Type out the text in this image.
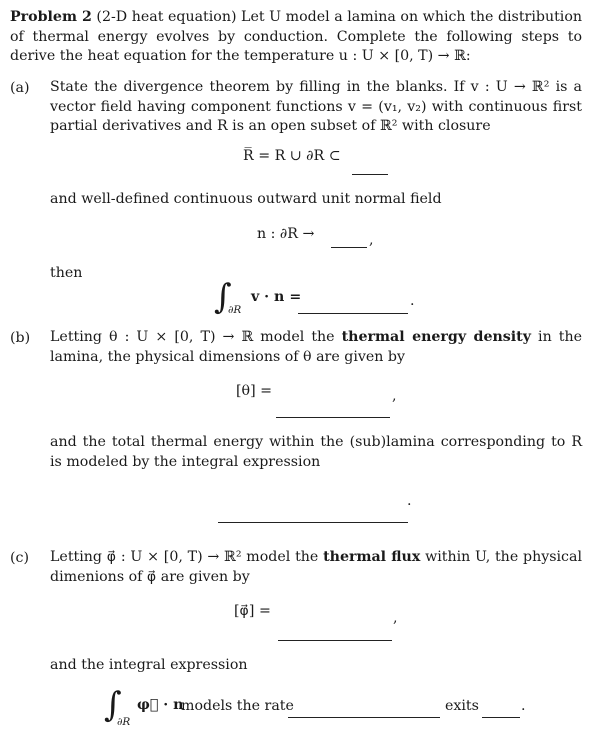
Problem 2 (2-D heat equation) Let U model a lamina on which the distribution of thermal energy evolves by conduction. Complete the following steps to derive the heat equation for the temperature u : U × [0, T) → ℝ:
(a) State the divergence theorem by filling in the blanks. If v : U → ℝ² is a vector field having component functions v = (v₁, v₂) with continuous first partial derivatives and R is an open subset of ℝ² with closure
R̅ = R ∪ ∂R ⊂
and well-defined continuous outward unit normal field
n : ∂R →	,
then
∫
∂R
v · n =	.
(b) Letting θ : U × [0, T) → ℝ model the thermal energy density in the lamina, the physical dimensions of θ are given by
[θ] =	,
and the total thermal energy within the (sub)lamina corresponding to R is modeled by the integral expression
.
(c) Letting φ⃗ : U × [0, T) → ℝ² model the thermal flux within U, the physical dimenions of φ⃗ are given by
[φ⃗] =	,
and the integral expression
∫
∂R
φ⃗ · n
models the rate	exits	.
